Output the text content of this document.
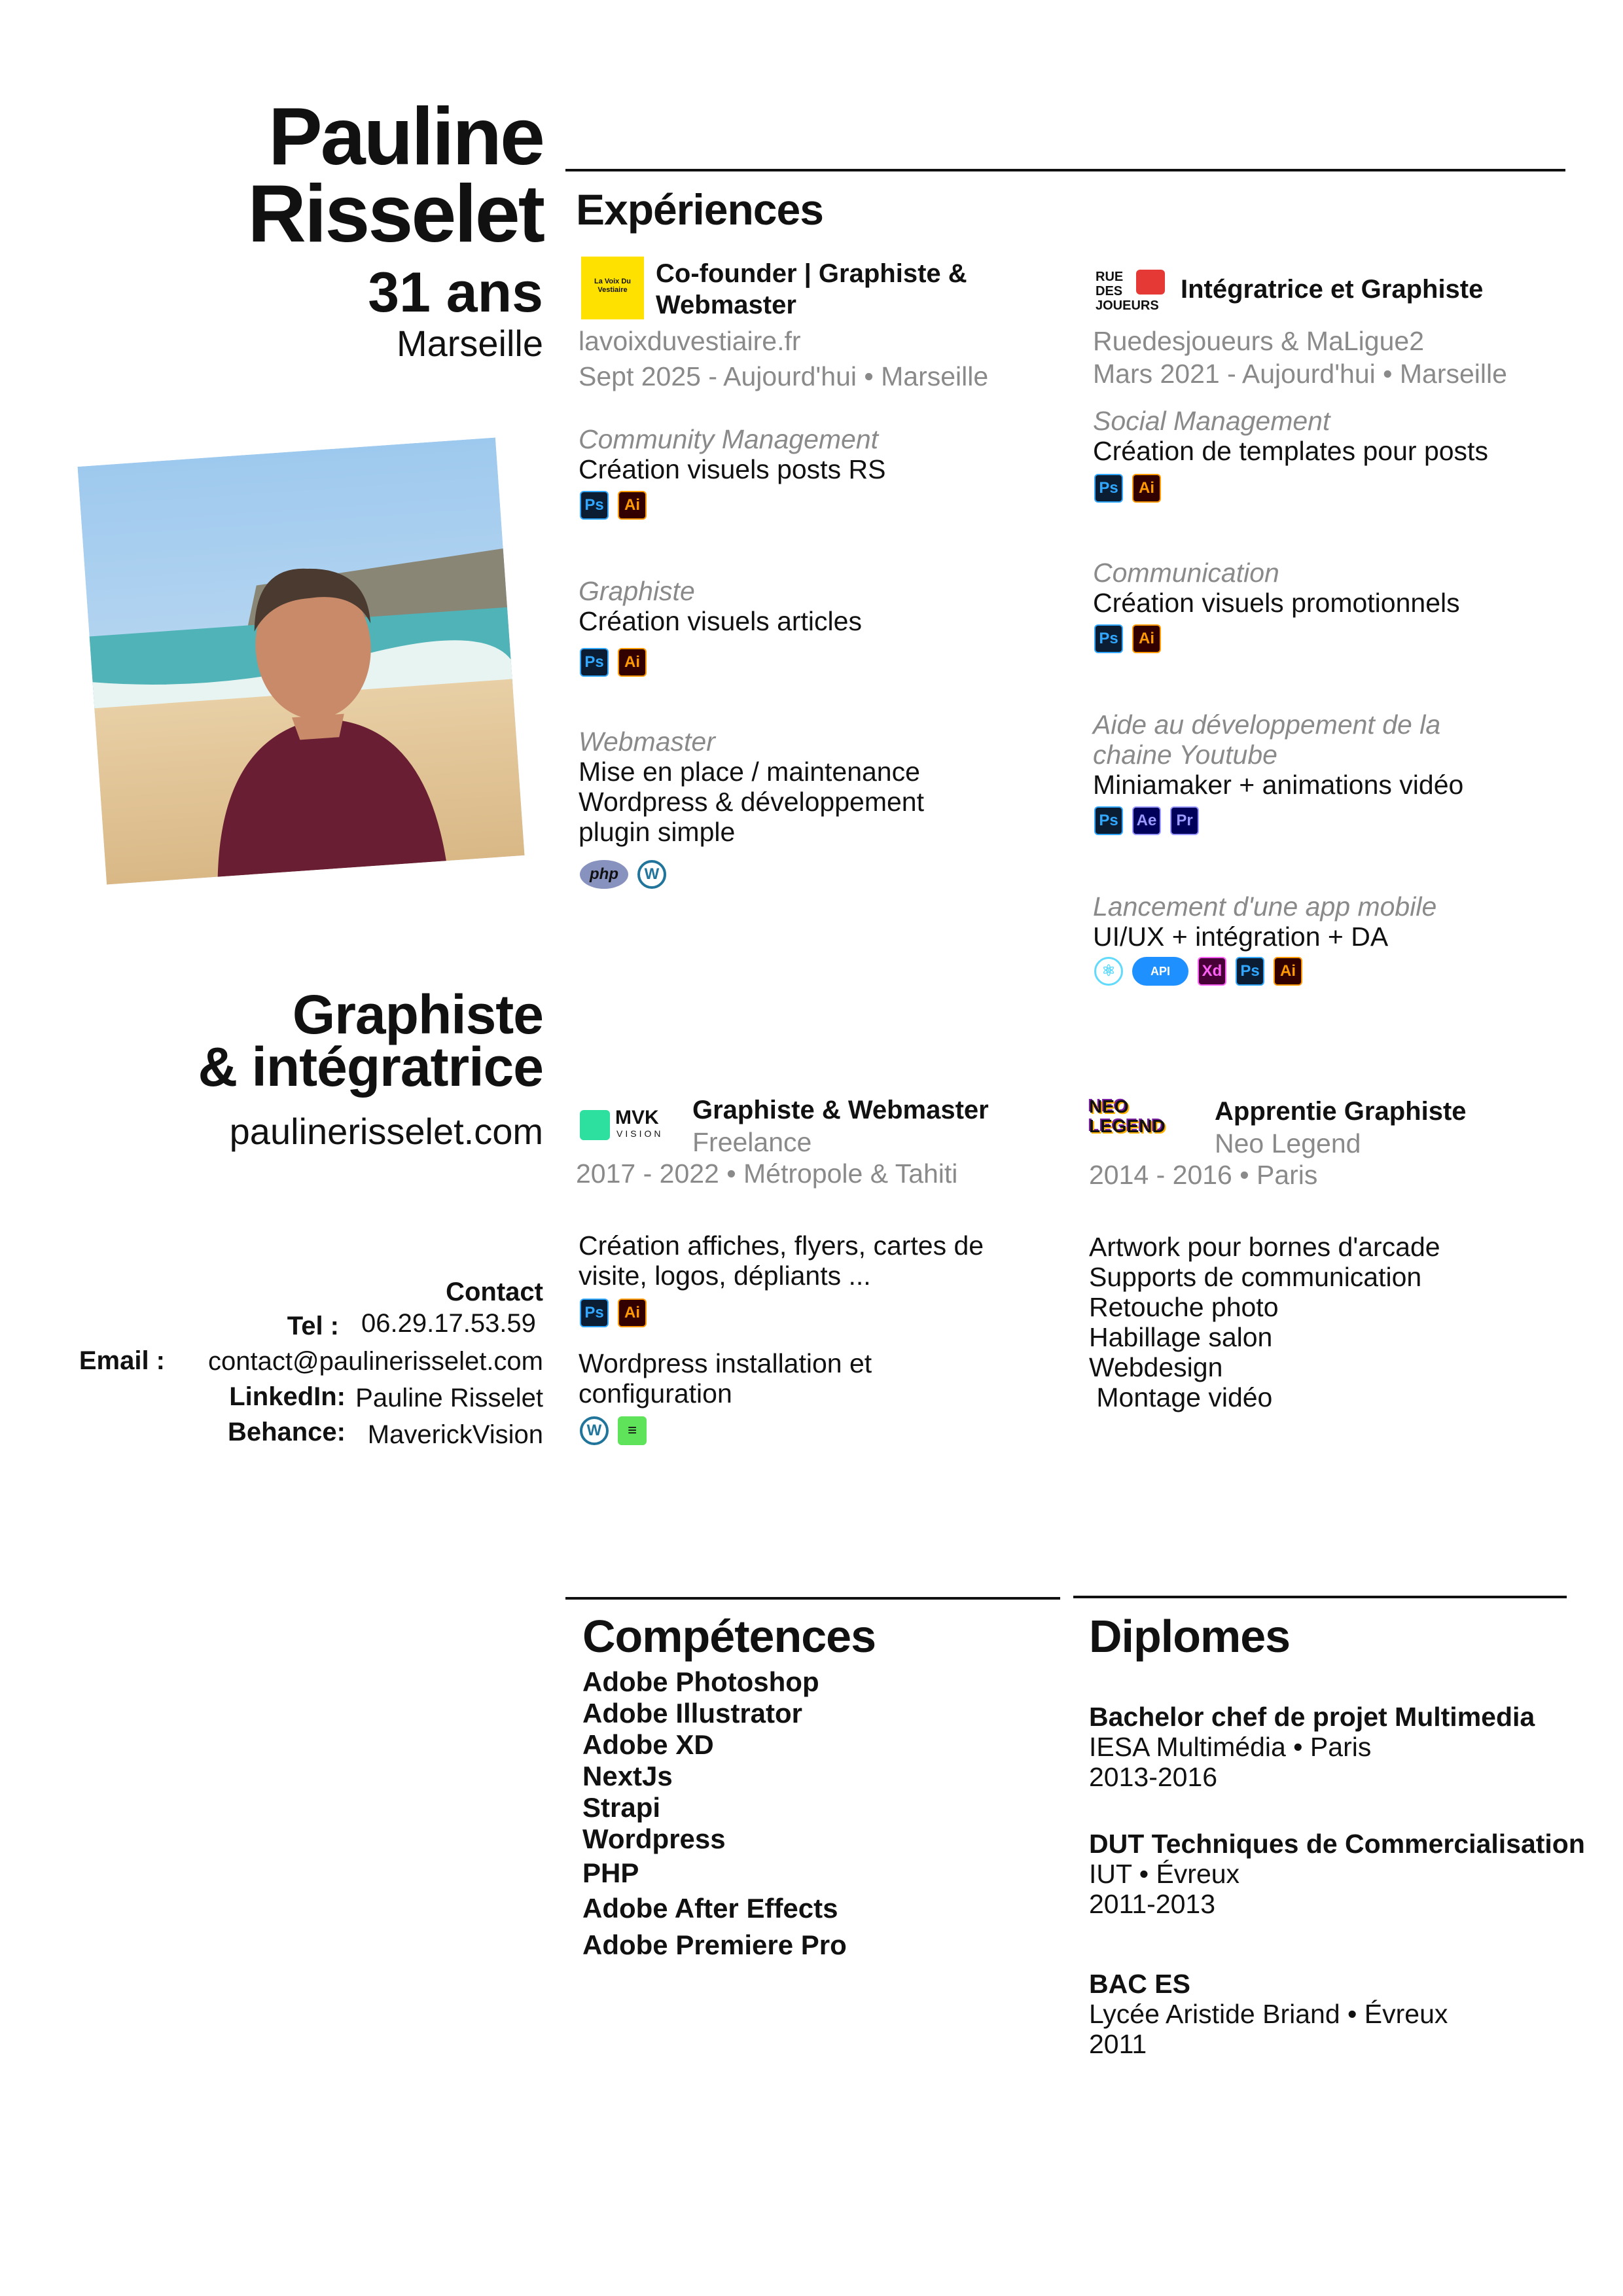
Pauline
Risselet
31 ans
Marseille
Graphiste
& intégratrice
paulinerisselet.com
Contact
Tel : 06.29.17.53.59
Email :	contact@paulinerisselet.com
LinkedIn: Pauline Risselet
Behance: MaverickVision
Expériences
La Voix Du Vestiaire
Co-founder | Graphiste & Webmaster
lavoixduvestiaire.fr
Sept 2025 - Aujourd'hui • Marseille
Community Management
Création visuels posts RS
Ps Ai
Graphiste
Création visuels articles
Ps Ai
Webmaster
Mise en place / maintenance Wordpress & développement plugin simple
php W
RUE DES JOUEURS
Intégratrice et Graphiste
Ruedesjoueurs & MaLigue2
Mars 2021 - Aujourd'hui • Marseille
Social Management
Création de templates pour posts
Ps Ai
Communication
Création visuels promotionnels
Ps Ai
Aide au développement de la chaine Youtube
Miniamaker + animations vidéo
Ps Ae Pr
Lancement d'une app mobile
UI/UX + intégration + DA
⚛	API Xd Ps Ai
MVK
VISION
Graphiste & Webmaster
Freelance
2017 - 2022 • Métropole & Tahiti
Création affiches, flyers, cartes de visite, logos, dépliants ...
Ps Ai
Wordpress installation et configuration
W ≡
NEO LEGEND
Apprentie Graphiste
Neo Legend
2014 - 2016 • Paris
Artwork pour bornes d'arcade
Supports de communication
Retouche photo
Habillage salon
Webdesign
Montage vidéo
Compétences
Adobe Photoshop
Adobe Illustrator
Adobe XD
NextJs
Strapi
Wordpress
PHP
Adobe After Effects
Adobe Premiere Pro
Diplomes
Bachelor chef de projet Multimedia
IESA Multimédia • Paris
2013-2016
DUT Techniques de Commercialisation
IUT • Évreux
2011-2013
BAC ES
Lycée Aristide Briand • Évreux
2011
